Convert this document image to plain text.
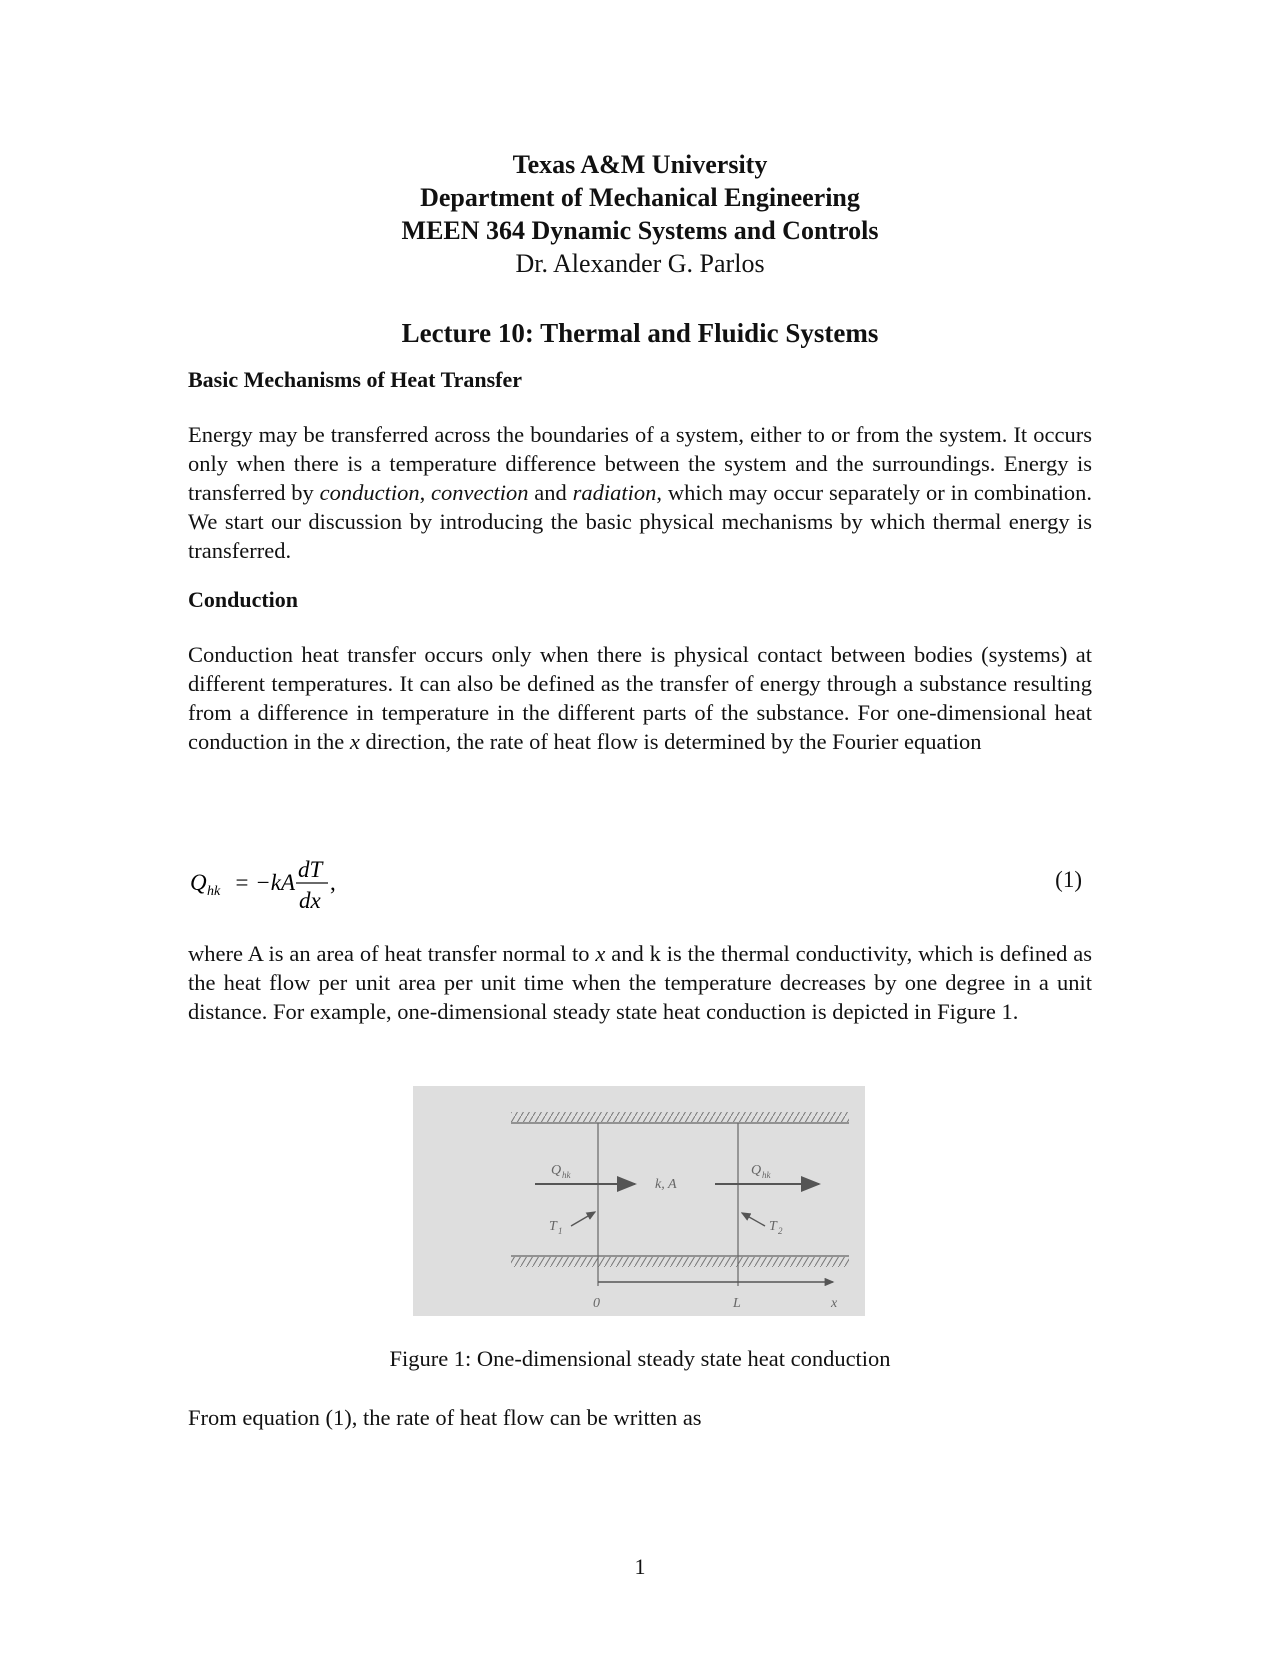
Texas A&M University
Department of Mechanical Engineering
MEEN 364 Dynamic Systems and Controls
Dr. Alexander G. Parlos
Lecture 10: Thermal and Fluidic Systems
Basic Mechanisms of Heat Transfer

Energy may be transferred across the boundaries of a system, either to or from the system. It occurs only when there is a temperature difference between the system and the surroundings. Energy is transferred by conduction, convection and radiation, which may occur separately or in combination. We start our discussion by introducing the basic physical mechanisms by which thermal energy is transferred.

Conduction

Conduction heat transfer occurs only when there is physical contact between bodies (systems) at different temperatures. It can also be defined as the transfer of energy through a substance resulting from a difference in temperature in the different parts of the substance. For one-dimensional heat conduction in the x direction, the rate of heat flow is determined by the Fourier equation

Q hk = −kA
dT
dx
,	(1)

where A is an area of heat transfer normal to x and k is the thermal conductivity, which is defined as the heat flow per unit area per unit time when the temperature decreases by one degree in a unit distance. For example, one-dimensional steady state heat conduction is depicted in Figure 1.

Q hk	Q hk
k, A
T 1	T 2
0	L	x
Figure 1: One-dimensional steady state heat conduction

From equation (1), the rate of heat flow can be written as

1
